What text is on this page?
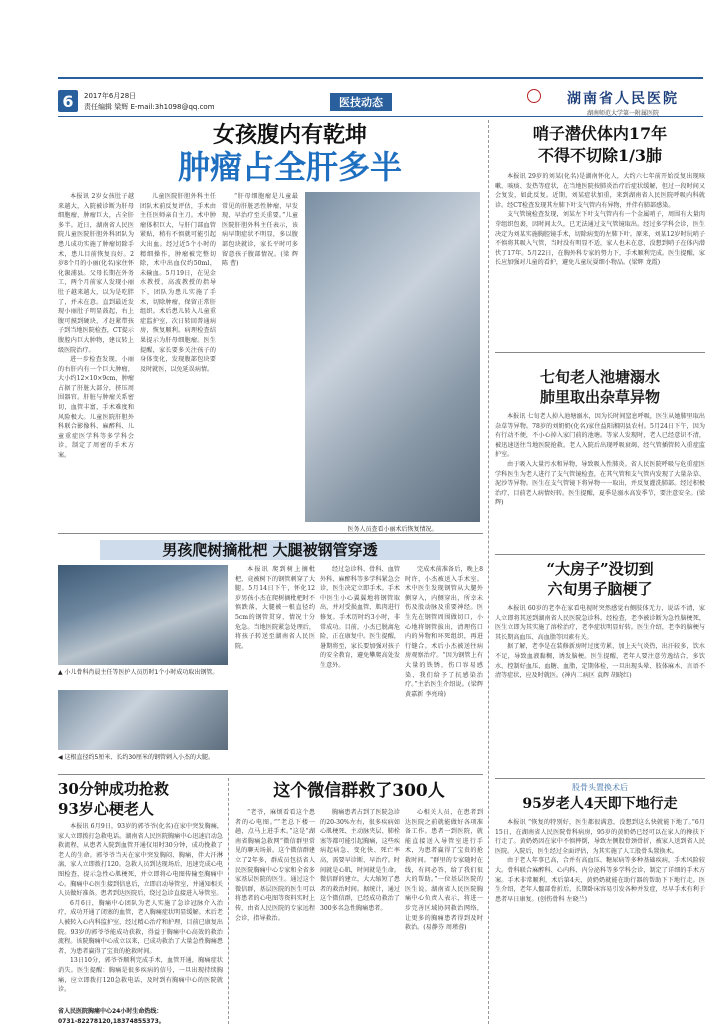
6	2017年6月28日
责任编辑 梁辉 E-mail:3h1098@qq.com	医技动态	湖南省人民医院
湖南师范大学第一附属医院
女孩腹内有乾坤
肿瘤占全肝多半

本报讯 2岁女孩肚子越来越大，入院被诊断为肝母细胞瘤，肿瘤巨大，占全肝多半。近日，湖南省人民医院儿童医院肝胆外科团队为患儿成功实施了肿瘤切除手术，患儿目前恢复良好。2岁8个月的小丽(化名)家住怀化溆浦县。父母长期在外务工，两个月前家人发现小丽肚子越来越大，以为是吃胖了，并未在意。直到最近发现小丽肚子明显鼓起，右上腹可摸到硬块，才赶紧带孩子到当地医院检查，CT提示腹腔内巨大肿物，建议转上级医院治疗。

进一步检查发现，小丽的右肝内有一个巨大肿瘤，大小约12×10×9cm，肿瘤占据了肝脏大部分，挤压周围器官。肝脏与肿瘤关系密切，血管丰富，手术难度和风险极大。儿童医院肝胆外科联合影像科、麻醉科、儿童重症医学科等多学科会诊，制定了周密的手术方案。

儿童医院肝胆外科主任团队术前反复评估，手术由主任医师亲自主刀。术中肿瘤体积巨大，与肝门部血管紧贴，稍有不慎就可能引起大出血。经过近5个小时的精细操作，肿瘤被完整切除，术中出血仅约50ml，未输血。5月19日，在见金水教授、高波教授的指导下，团队为患儿实施了手术，切除肿瘤，保留正常肝组织。术后患儿转入儿童重症监护室，次日转回普通病房，恢复顺利。病理检查结果提示为肝母细胞瘤。医生提醒，家长要多关注孩子的身体变化，发现腹部包块要及时就医，以免延误病情。

“肝母细胞瘤是儿童最常见的肝脏恶性肿瘤，早发现、早治疗至关重要。”儿童医院肝胆外科主任表示，该病早期症状不明显，多以腹部包块就诊，家长平时可多留意孩子腹部情况。(梁 辉 陈 曹)

医务人员查看小丽术后恢复情况。
哨子潜伏体内17年
不得不切除1/3肺

本报讯 29岁的刘某(化名)是湖南怀化人，大约六七年前开始反复出现咳嗽、咳痰、发热等症状，在当地医院按肺炎治疗后症状缓解，但过一段时间又会复发，如此反复。近期，刘某症状加重，来到湖南省人民医院呼吸内科就诊。经CT检查发现其左肺下叶支气管内有异物，并伴有肺部感染。

支气管镜检查发现，刘某左下叶支气管内有一个金属哨子，周围有大量肉芽组织包裹，因时间太久，已无法通过支气管镜取出。经过多学科会诊，医生决定为刘某实施胸腔镜手术，切除病变的左肺下叶。原来，刘某12岁时玩哨子不慎将其吸入气管，当时没有明显不适，家人也未在意，没想到哨子在体内潜伏了17年。5月22日，在胸外科专家的努力下，手术顺利完成。医生提醒，家长应加强对儿童的看护，避免儿童玩耍细小物品。(梁辉 龙霞)

七旬老人池塘溺水
肺里取出杂草异物

本报讯 七旬老人掉入池塘溺水，因为长时间窒息呼吸，医生从她肺里取出杂草等异物。78岁的刘奶奶(化名)家住益阳湘阴县农村。5月24日下午，因为有行动不便，不小心掉入家门前的池塘。等家人发现时，老人已经意识不清，被迅速送往当地医院抢救。老人入院后出现呼吸衰竭，经气管插管转入重症监护室。

由于吸入大量污水和异物，导致吸入性肺炎。省人民医院呼吸与危重症医学科医生为老人进行了支气管镜检查，在其气管和支气管内发现了大量杂草、泥沙等异物。医生在支气管镜下将异物一一取出，并反复灌洗肺部。经过积极治疗，目前老人病情好转。医生提醒，夏季是溺水高发季节，要注意安全。(梁辉)

“大房子”没切到
六旬男子脑梗了

本报讯 60岁的老李在家看电视时突然感觉右侧肢体无力，说话不清，家人立即将其送到湖南省人民医院急诊科。经检查，老李被诊断为急性脑梗死，医生立即为其实施了溶栓治疗，老李症状明显好转。医生介绍，老李的脑梗与其长期高血压、高血脂等因素有关。

据了解，老李是在装修新房时过度劳累，加上天气炎热，出汗较多，饮水不足，导致血液黏稠，诱发脑梗。医生提醒，老年人要注意劳逸结合，多饮水，控制好血压、血糖、血脂，定期体检，一旦出现头晕、肢体麻木、言语不清等症状，应及时就医。(神内二病区 袁辉 胡晓红)

股骨头置换术后
95岁老人4天即下地行走

本报讯 “恢复的特别好，医生都很满意，没想到这么快就能下地了。”6月15日，在湖南省人民医院骨科病房，95岁的黄奶奶已经可以在家人的搀扶下行走了。黄奶奶因在家中不慎摔倒，导致左侧股骨颈骨折，被家人送到省人民医院。入院后，医生经过全面评估，为其实施了人工股骨头置换术。

由于老人年事已高，合并有高血压、糖尿病等多种基础疾病，手术风险较大。骨科联合麻醉科、心内科、内分泌科等多学科会诊，制定了详细的手术方案。手术非常顺利，术后第4天，黄奶奶就能在助行器的帮助下下地行走。医生介绍，老年人髋部骨折后，长期卧床容易引发各种并发症，尽早手术有利于患者早日康复。(创伤骨科 左晓兰)

男孩爬树摘枇杷 大腿被钢管穿透
▲ 小儿骨科肖晨主任等医护人员历时1个小时成功取出钢管。
◀ 这根直径约5厘米、长约30厘米的钢管刺入小杰的大腿。

本报讯 爬到树上摘枇杷，竟被树下的钢管刺穿了大腿。5月14日下午，怀化12岁男孩小杰在爬树摘枇杷时不慎跌落，大腿被一根直径约5cm的钢管贯穿，情况十分危急。当地医院紧急处理后，将孩子转送至湖南省人民医院。

经过急诊科、骨科、血管外科、麻醉科等多学科紧急会诊，医生决定立即手术。手术中医生小心翼翼地将钢管取出，并对受损血管、肌肉进行修复。手术历时约3小时，非常成功。目前，小杰已脱离危险，正在康复中。医生提醒，暑期将至，家长要加强对孩子的安全教育，避免攀爬高处发生意外。

完成术前准备后，晚上8时许，小杰被送入手术室。术中医生发现钢管从大腿外侧穿入，内侧穿出，所幸未伤及股动脉及重要神经。医生先在钢管周围做切口，小心地将钢管拔出，清理伤口内的异物和坏死组织，再进行缝合。术后小杰被送往病房观察治疗。“因为钢管上有大量的铁锈，伤口容易感染，我们给予了抗感染治疗。”主治医生介绍说。(梁辉 黄嘉新 李亮琦)

30分钟成功抢救
93岁心梗老人

本报讯 6月9日，93岁的郭爷爷(化名)在家中突发胸痛，家人立即拨打急救电话。湖南省人民医院胸痛中心迅速启动急救流程，从患者入院到血管开通仅用时30分钟，成功挽救了老人的生命。郭爷爷当天在家中突发胸闷、胸痛，伴大汗淋漓，家人立即拨打120。急救人员到达现场后，迅速完成心电图检查，提示急性心肌梗死，并立即将心电图传输至胸痛中心。胸痛中心医生接到信息后，立即启动导管室，并通知相关人员做好准备。患者到达医院后，绕过急诊直接进入导管室。

6月6日，胸痛中心团队为老人实施了急诊冠脉介入治疗，成功开通了闭塞的血管，老人胸痛症状明显缓解。术后老人被转入心内科监护室，经过精心治疗和护理，目前已康复出院。93岁的郭爷爷能成功获救，得益于胸痛中心高效的救治流程。该院胸痛中心成立以来，已成功救治了大量急性胸痛患者，为患者赢得了宝贵的抢救时间。

13日10分，郭爷爷顺利完成手术，血管开通，胸痛症状消失。医生提醒：胸痛是很多疾病的信号，一旦出现持续胸痛，应立即拨打120急救电话，及时到有胸痛中心的医院就诊。

省人民医院胸痛中心24小时生命热线：
0731-82278120,18374855373。
这个微信群救了300人

“老爷，麻烦看看这个患者的心电图。”“老总下楼一趟，点马上进手术。”这是“湖南省胸痛急救网”微信群里常见的聊天场景。这个微信群建立了2年多，群成员包括省人民医院胸痛中心专家和全省多家基层医院的医生。通过这个微信群，基层医院的医生可以将患者的心电图等资料实时上传，由省人民医院的专家远程会诊，指导救治。

胸痛患者占到了医院急诊的20-30%左右，很多疾病如心肌梗死、主动脉夹层、肺栓塞等都可能引起胸痛，这些疾病起病急、变化快、死亡率高，需要早诊断、早治疗。时间就是心肌，时间就是生命。微信群的建立，大大缩短了患者的救治时间。据统计，通过这个微信群，已经成功救治了300多名急性胸痛患者。

心相关人员，在患者到达医院之前就能做好各项准备工作。患者一到医院，就能直接送入导管室进行手术，为患者赢得了宝贵的抢救时间。“群里的专家随时在线，有问必答，给了我们很大的帮助。”一位基层医院的医生说。湖南省人民医院胸痛中心负责人表示，将进一步完善区域协同救治网络，让更多的胸痛患者得到及时救治。(易静芬 周瑾蓉)
